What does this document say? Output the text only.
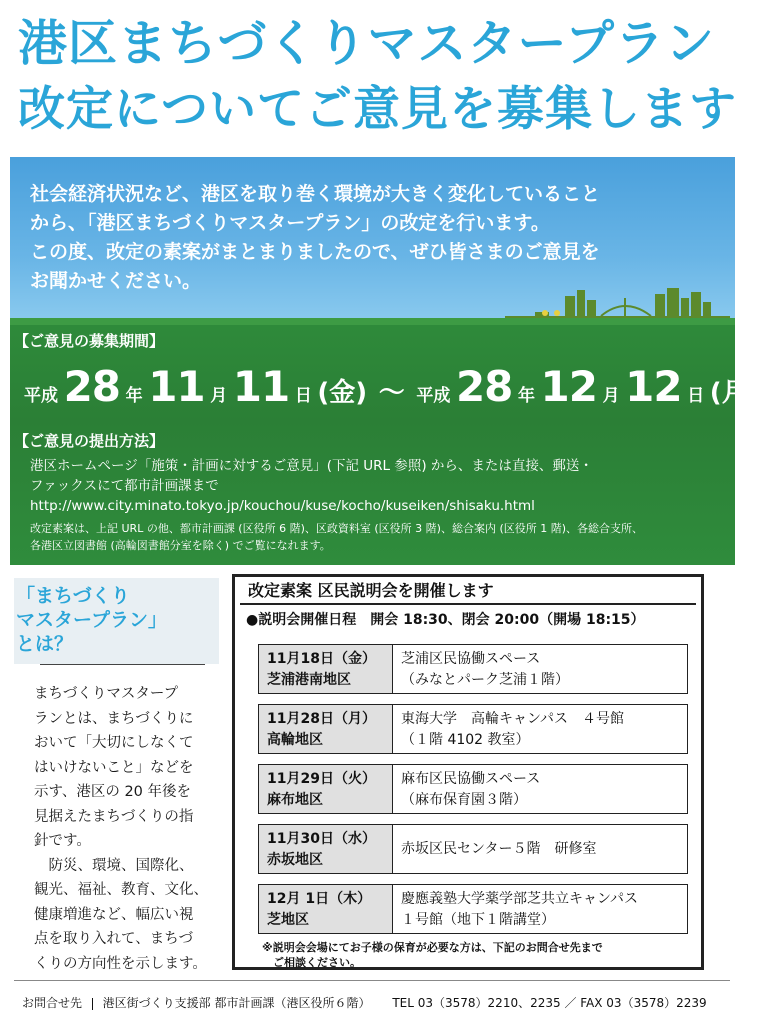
港区まちづくりマスタープラン
改定についてご意見を募集します
社会経済状況など、港区を取り巻く環境が大きく変化していること
から、「港区まちづくりマスタープラン」の改定を行います。
この度、改定の素案がまとまりましたので、ぜひ皆さまのご意見を
お聞かせください。
【ご意見の募集期間】
平成 28 年 11 月 11 日 (金) ～ 平成 28 年 12 月 12 日 (月)
【ご意見の提出方法】
港区ホームページ「施策・計画に対するご意見」(下記 URL 参照) から、または直接、郵送・
ファックスにて都市計画課まで
http://www.city.minato.tokyo.jp/kouchou/kuse/kocho/kuseiken/shisaku.html
改定素案は、上記 URL の他、都市計画課 (区役所 6 階)、区政資料室 (区役所 3 階)、総合案内 (区役所 1 階)、各総合支所、
各港区立図書館 (高輪図書館分室を除く) でご覧になれます。
「まちづくり
マスタープラン」
とは？
まちづくりマスタープ
ランとは、まちづくりに
おいて「大切にしなくて
はいけないこと」などを
示す、港区の 20 年後を
見据えたまちづくりの指
針です。
　防災、環境、国際化、
観光、福祉、教育、文化、
健康増進など、幅広い視
点を取り入れて、まちづ
くりの方向性を示します。
改定素案 区民説明会を開催します
●説明会開催日程　開会 18:30、閉会 20:00（開場 18:15）
11月18日（金）
芝浦港南地区
芝浦区民協働スペース
（みなとパーク芝浦１階）
11月28日（月）
高輪地区
東海大学　高輪キャンパス　４号館
（１階 4102 教室）
11月29日（火）
麻布地区
麻布区民協働スペース
（麻布保育園３階）
11月30日（水）
赤坂地区
赤坂区民センター５階　研修室
12月 1日（木）
芝地区
慶應義塾大学薬学部芝共立キャンパス
１号館（地下１階講堂）
※説明会会場にてお子様の保育が必要な方は、下記のお問合せ先まで
　ご相談ください。
お問合せ先 港区街づくり支援部 都市計画課（港区役所６階） TEL 03（3578）2210、2235 ／ FAX 03（3578）2239
